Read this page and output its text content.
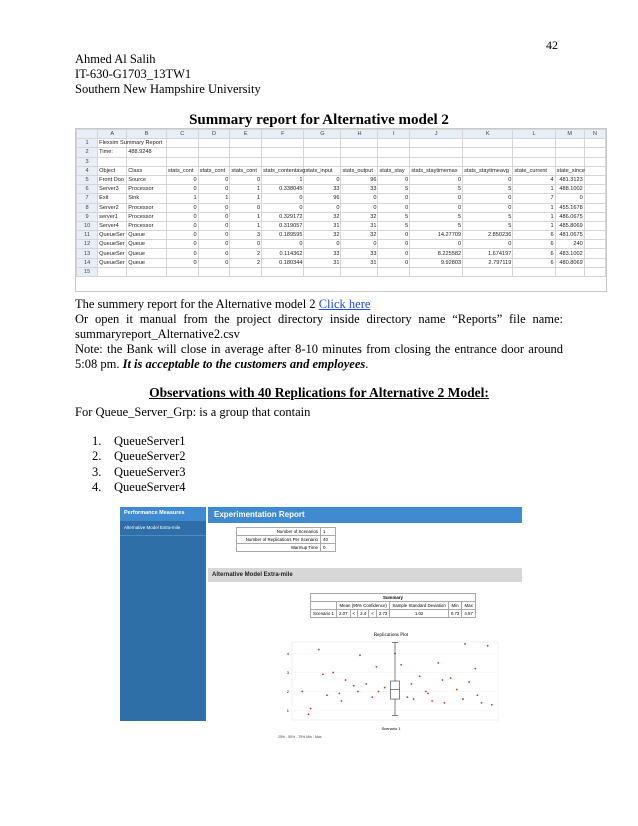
42
Ahmed Al Salih
IT-630-G1703_13TW1
Southern New Hampshire University
Summary report for Alternative model 2
	A	B	C	D	E	F	G	H	I	J	K	L	M	N
1	Flexsim Summary Report													
2	Time:	488.9248												
3														
4	Object	Class	stats_cont	stats_cont	stats_cont	stats_contentavg	stats_input	stats_output	stats_stay	stats_staytimemax	stats_staytimeavg	state_current	state_since	
5	Front Doo	Source	0	0	0	1	0	96	0	0	0	4	481.3123	
6	Server3	Processor	0	0	1	0.338045	33	33	5	5	5	1	488.1002	
7	Exit	Sink	1	1	1	0	96	0	0	0	0	7	0	
8	Server2	Processor	0	0	0	0	0	0	0	0	0	1	455.1678	
9	server1	Processor	0	0	1	0.329172	32	32	5	5	5	1	486.0675	
10	Server4	Processor	0	0	1	0.319057	31	31	5	5	5	1	485.8069	
11	QueueSer	Queue	0	0	3	0.189595	32	32	0	14.27709	2.850236	6	481.0675	
12	QueueSer	Queue	0	0	0	0	0	0	0	0	0	6	240	
13	QueueSer	Queue	0	0	2	0.114362	33	33	0	8.225582	1.674197	6	483.1002	
14	QueueSer	Queue	0	0	2	0.180344	31	31	0	9.92803	2.797119	6	480.8069	
15														
The summery report for the Alternative model 2 Click here
Or open it manual from the project directory inside directory name “Reports” file name: summaryreport_Alternative2.csv
Note: the Bank will close in average after 8-10 minutes from closing the entrance door around 5:08 pm. It is acceptable to the customers and employees.
Observations with 40 Replications for Alternative 2 Model:
For Queue_Server_Grp: is a group that contain
1. QueueServer1
2. QueueServer2
3. QueueServer3
4. QueueServer4
Performance Measures
Alternative Model Extra-mile
Experimentation Report
Number of Scenarios	1
Number of Replications Per Scenario	40
Warmup Time	0
Alternative Model Extra-mile
Summary								
	Mean (95% Confidence)					Sample Standard Deviation	Min	Max
Scenario 1	2.07	<	2.4	<	2.73	1.02	0.73	4.57
Replications Plot
1
2
3
4
Scenario 1
25% - 50% - 75% Min - Max
